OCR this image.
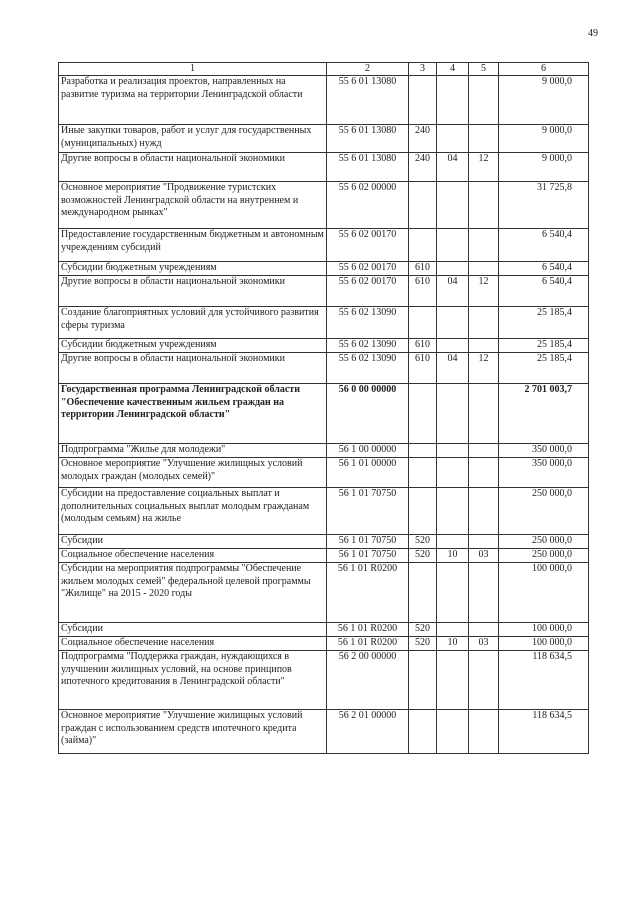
49
1	2	3	4	5	6
Разработка и реализация проектов, направленных на развитие туризма на территории Ленинградской области	55 6 01 13080				9 000,0
Иные закупки товаров, работ и услуг для государственных (муниципальных) нужд	55 6 01 13080	240			9 000,0
Другие вопросы в области национальной экономики	55 6 01 13080	240	04	12	9 000,0
Основное мероприятие "Продвижение туристских возможностей Ленинградской области на внутреннем и международном рынках"	55 6 02 00000				31 725,8
Предоставление государственным бюджетным и автономным учреждениям субсидий	55 6 02 00170				6 540,4
Субсидии бюджетным учреждениям	55 6 02 00170	610			6 540,4
Другие вопросы в области национальной экономики	55 6 02 00170	610	04	12	6 540,4
Создание благоприятных условий для устойчивого развития сферы туризма	55 6 02 13090				25 185,4
Субсидии бюджетным учреждениям	55 6 02 13090	610			25 185,4
Другие вопросы в области национальной экономики	55 6 02 13090	610	04	12	25 185,4
Государственная программа Ленинградской области "Обеспечение качественным жильем граждан на территории Ленинградской области"	56 0 00 00000				2 701 003,7
Подпрограмма "Жилье для молодежи"	56 1 00 00000				350 000,0
Основное мероприятие "Улучшение жилищных условий молодых граждан (молодых семей)"	56 1 01 00000				350 000,0
Субсидии на предоставление социальных выплат и дополнительных социальных выплат молодым гражданам (молодым семьям) на жилье	56 1 01 70750				250 000,0
Субсидии	56 1 01 70750	520			250 000,0
Социальное обеспечение населения	56 1 01 70750	520	10	03	250 000,0
Субсидии на мероприятия подпрограммы "Обеспечение жильем молодых семей" федеральной целевой программы "Жилище" на 2015 - 2020 годы	56 1 01 R0200				100 000,0
Субсидии	56 1 01 R0200	520			100 000,0
Социальное обеспечение населения	56 1 01 R0200	520	10	03	100 000,0
Подпрограмма "Поддержка граждан, нуждающихся в улучшении жилищных условий, на основе принципов ипотечного кредитования в Ленинградской области"	56 2 00 00000				118 634,5
Основное мероприятие "Улучшение жилищных условий граждан с использованием средств ипотечного кредита (займа)"	56 2 01 00000				118 634,5
